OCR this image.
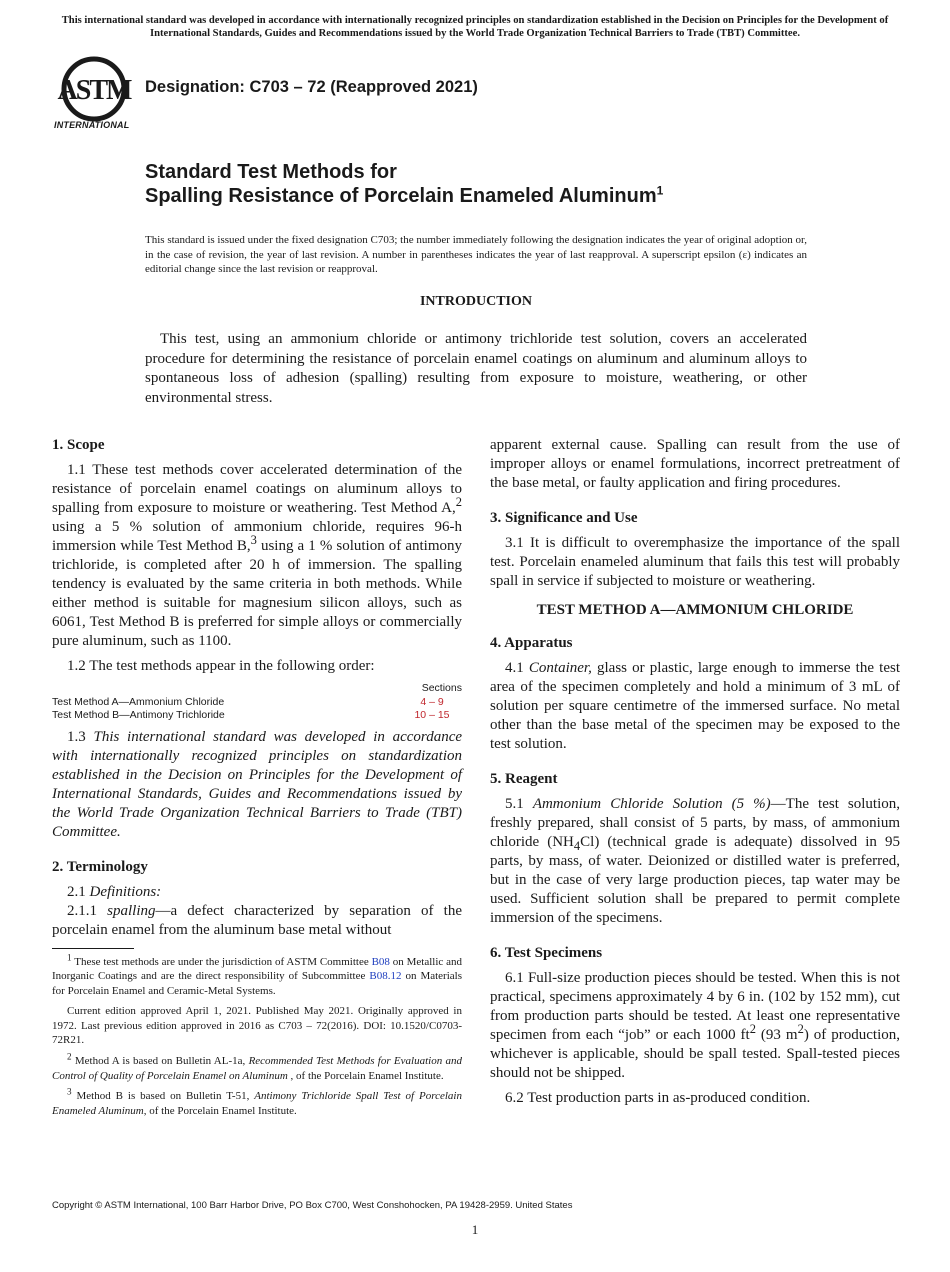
This international standard was developed in accordance with internationally recognized principles on standardization established in the Decision on Principles for the Development of International Standards, Guides and Recommendations issued by the World Trade Organization Technical Barriers to Trade (TBT) Committee.
ASTM
INTERNATIONAL
Designation: C703 – 72 (Reapproved 2021)
Standard Test Methods for
Spalling Resistance of Porcelain Enameled Aluminum$^1$
This standard is issued under the fixed designation C703; the number immediately following the designation indicates the year of original adoption or, in the case of revision, the year of last revision. A number in parentheses indicates the year of last reapproval. A superscript epsilon (ε) indicates an editorial change since the last revision or reapproval.
INTRODUCTION
This test, using an ammonium chloride or antimony trichloride test solution, covers an accelerated procedure for determining the resistance of porcelain enamel coatings on aluminum and aluminum alloys to spontaneous loss of adhesion (spalling) resulting from exposure to moisture, weathering, or other environmental stress.
1. Scope

1.1 These test methods cover accelerated determination of the resistance of porcelain enamel coatings on aluminum alloys to spalling from exposure to moisture or weathering. Test Method A,$^2$ using a 5 % solution of ammonium chloride, requires 96-h immersion while Test Method B,$^3$ using a 1 % solution of antimony trichloride, is completed after 20 h of immersion. The spalling tendency is evaluated by the same criteria in both methods. While either method is suitable for magnesium silicon alloys, such as 6061, Test Method B is preferred for simple alloys or commercially pure aluminum, such as 1100.

1.2 The test methods appear in the following order:

Sections
Test Method A—Ammonium Chloride	4 – 9
Test Method B—Antimony Trichloride	10 – 15

1.3 This international standard was developed in accordance with internationally recognized principles on standardization established in the Decision on Principles for the Development of International Standards, Guides and Recommendations issued by the World Trade Organization Technical Barriers to Trade (TBT) Committee.

2. Terminology

2.1 Definitions:

2.1.1 spalling—a defect characterized by separation of the porcelain enamel from the aluminum base metal without

$^1$ These test methods are under the jurisdiction of ASTM Committee B08 on Metallic and Inorganic Coatings and are the direct responsibility of Subcommittee B08.12 on Materials for Porcelain Enamel and Ceramic-Metal Systems.

Current edition approved April 1, 2021. Published May 2021. Originally approved in 1972. Last previous edition approved in 2016 as C703 – 72(2016). DOI: 10.1520/C0703-72R21.

$^2$ Method A is based on Bulletin AL-1a, Recommended Test Methods for Evaluation and Control of Quality of Porcelain Enamel on Aluminum , of the Porcelain Enamel Institute.

$^3$ Method B is based on Bulletin T-51, Antimony Trichloride Spall Test of Porcelain Enameled Aluminum, of the Porcelain Enamel Institute.

apparent external cause. Spalling can result from the use of improper alloys or enamel formulations, incorrect pretreatment of the base metal, or faulty application and firing procedures.

3. Significance and Use

3.1 It is difficult to overemphasize the importance of the spall test. Porcelain enameled aluminum that fails this test will probably spall in service if subjected to moisture or weathering.

TEST METHOD A—AMMONIUM CHLORIDE
4. Apparatus

4.1 Container, glass or plastic, large enough to immerse the test area of the specimen completely and hold a minimum of 3 mL of solution per square centimetre of the immersed surface. No metal other than the base metal of the specimen may be exposed to the test solution.

5. Reagent

5.1 Ammonium Chloride Solution (5 %)—The test solution, freshly prepared, shall consist of 5 parts, by mass, of ammonium chloride $(NH_4Cl)$ (technical grade is adequate) dissolved in 95 parts, by mass, of water. Deionized or distilled water is preferred, but in the case of very large production pieces, tap water may be used. Sufficient solution shall be prepared to permit complete immersion of the specimens.

6. Test Specimens

6.1 Full-size production pieces should be tested. When this is not practical, specimens approximately 4 by 6 in. (102 by 152 mm), cut from production parts should be tested. At least one representative specimen from each “job” or each 1000 $ft^2$ (93 $m^2$) of production, whichever is applicable, should be spall tested. Spall-tested pieces should not be shipped.

6.2 Test production parts in as-produced condition.

Copyright © ASTM International, 100 Barr Harbor Drive, PO Box C700, West Conshohocken, PA 19428-2959. United States
1
